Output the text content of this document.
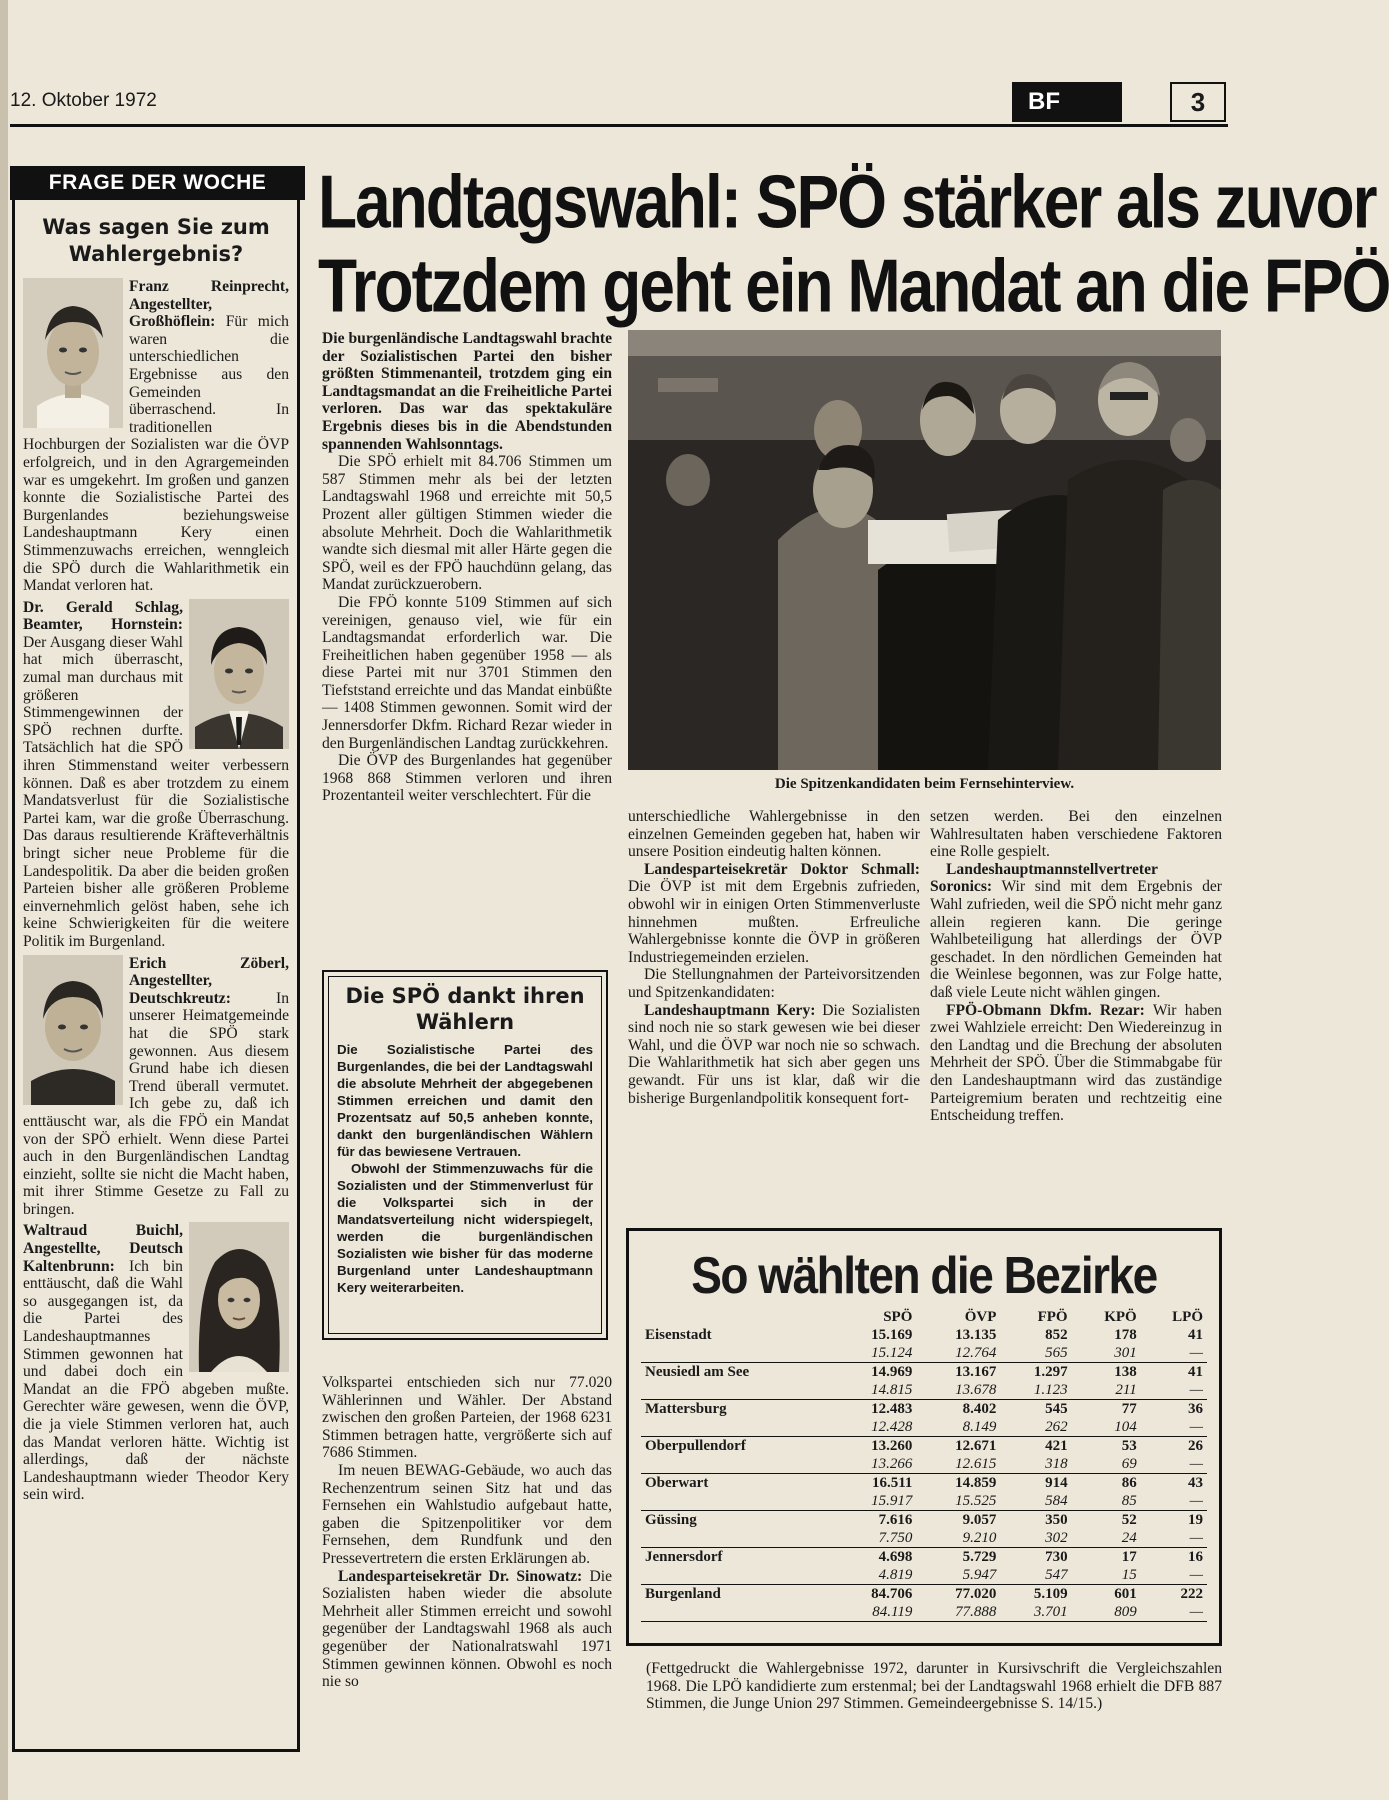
12. Oktober 1972	BF	3
FRAGE DER WOCHE
Was sagen Sie zum Wahlergebnis?
Franz Reinprecht, Angestellter, Großhöflein: Für mich waren die unterschiedlichen Ergebnisse aus den Gemeinden überraschend. In traditionellen Hochburgen der Sozialisten war die ÖVP erfolgreich, und in den Agrargemeinden war es umgekehrt. Im großen und ganzen konnte die Sozialistische Partei des Burgenlandes beziehungsweise Landeshauptmann Kery einen Stimmenzuwachs erreichen, wenngleich die SPÖ durch die Wahlarithmetik ein Mandat verloren hat.
Dr. Gerald Schlag, Beamter, Hornstein: Der Ausgang dieser Wahl hat mich überrascht, zumal man durchaus mit größeren Stimmengewinnen der SPÖ rechnen durfte. Tatsächlich hat die SPÖ ihren Stimmenstand weiter verbessern können. Daß es aber trotzdem zu einem Mandatsverlust für die Sozialistische Partei kam, war die große Überraschung. Das daraus resultierende Kräfteverhältnis bringt sicher neue Probleme für die Landespolitik. Da aber die beiden großen Parteien bisher alle größeren Probleme einvernehmlich gelöst haben, sehe ich keine Schwierigkeiten für die weitere Politik im Burgenland.
Erich Zöberl, Angestellter, Deutschkreutz:	In unserer Heimatgemeinde hat die SPÖ stark gewonnen. Aus diesem Grund habe ich diesen Trend überall vermutet. Ich gebe zu, daß ich enttäuscht war, als die FPÖ ein Mandat von der SPÖ erhielt. Wenn diese Partei auch in den Burgenländischen Landtag einzieht, sollte sie nicht die Macht haben, mit ihrer Stimme Gesetze zu Fall zu bringen.
Waltraud Buichl, Angestellte, Deutsch Kaltenbrunn: Ich bin enttäuscht, daß die Wahl so ausgegangen ist, da die Partei des Landeshauptmannes Stimmen gewonnen hat und dabei doch ein Mandat an die FPÖ abgeben mußte. Gerechter wäre gewesen, wenn die ÖVP, die ja viele Stimmen verloren hat, auch das Mandat verloren hätte. Wichtig ist allerdings, daß der nächste Landeshauptmann wieder Theodor Kery sein wird.
Landtagswahl: SPÖ stärker als zuvor
Trotzdem geht ein Mandat an die FPÖ

Die burgenländische Landtagswahl brachte der Sozialistischen Partei den bisher größten Stimmenanteil, trotzdem ging ein Landtagsmandat an die Freiheitliche Partei verloren. Das war das spektakuläre Ergebnis dieses bis in die Abendstunden spannenden Wahlsonntags.

Die SPÖ erhielt mit 84.706 Stimmen um 587 Stimmen mehr als bei der letzten Landtagswahl 1968 und erreichte mit 50,5 Prozent aller gültigen Stimmen wieder die absolute Mehrheit. Doch die Wahlarithmetik wandte sich diesmal mit aller Härte gegen die SPÖ, weil es der FPÖ hauchdünn gelang, das Mandat zurückzuerobern.

Die FPÖ konnte 5109 Stimmen auf sich vereinigen, genauso viel, wie für ein Landtagsmandat erforderlich war. Die Freiheitlichen haben gegenüber 1958 — als diese Partei mit nur 3701 Stimmen den Tiefststand erreichte und das Mandat einbüßte — 1408 Stimmen gewonnen. Somit wird der Jennersdorfer Dkfm. Richard Rezar wieder in den Burgenländischen Landtag zurückkehren.

Die ÖVP des Burgenlandes hat gegenüber 1968 868 Stimmen verloren und ihren Prozentanteil weiter verschlechtert. Für die

Die Spitzenkandidaten beim Fernsehinterview.

unterschiedliche Wahlergebnisse in den einzelnen Gemeinden gegeben hat, haben wir unsere Position eindeutig halten können.

Landesparteisekretär Doktor Schmall: Die ÖVP ist mit dem Ergebnis zufrieden, obwohl wir in einigen Orten Stimmenverluste hinnehmen mußten. Erfreuliche Wahlergebnisse konnte die ÖVP in größeren Industriegemeinden erzielen.

Die Stellungnahmen der Parteivorsitzenden und Spitzenkandidaten:

Landeshauptmann Kery: Die Sozialisten sind noch nie so stark gewesen wie bei dieser Wahl, und die ÖVP war noch nie so schwach. Die Wahlarithmetik hat sich aber gegen uns gewandt. Für uns ist klar, daß wir die bisherige Burgenlandpolitik konsequent fort-

setzen werden. Bei den einzelnen Wahlresultaten haben verschiedene Faktoren eine Rolle gespielt.

Landeshauptmannstellvertreter Soronics: Wir sind mit dem Ergebnis der Wahl zufrieden, weil die SPÖ nicht mehr ganz allein regieren kann. Die geringe Wahlbeteiligung hat allerdings der ÖVP geschadet. In den nördlichen Gemeinden hat die Weinlese begonnen, was zur Folge hatte, daß viele Leute nicht wählen gingen.

FPÖ-Obmann Dkfm. Rezar: Wir haben zwei Wahlziele erreicht: Den Wiedereinzug in den Landtag und die Brechung der absoluten Mehrheit der SPÖ. Über die Stimmabgabe für den Landeshauptmann wird das zuständige Parteigremium beraten und rechtzeitig eine Entscheidung treffen.

Die SPÖ dankt ihren Wählern

Die Sozialistische Partei des Burgenlandes, die bei der Landtagswahl die absolute Mehrheit der abgegebenen Stimmen erreichen und damit den Prozentsatz auf 50,5 anheben konnte, dankt den burgenländischen Wählern für das bewiesene Vertrauen.

Obwohl der Stimmenzuwachs für die Sozialisten und der Stimmenverlust für die Volkspartei sich in der Mandatsverteilung nicht widerspiegelt, werden die burgenländischen Sozialisten wie bisher für das moderne Burgenland unter Landeshauptmann Kery weiterarbeiten.

Volkspartei entschieden sich nur 77.020 Wählerinnen und Wähler. Der Abstand zwischen den großen Parteien, der 1968 6231 Stimmen betragen hatte, vergrößerte sich auf 7686 Stimmen.

Im neuen BEWAG-Gebäude, wo auch das Rechenzentrum seinen Sitz hat und das Fernsehen ein Wahlstudio aufgebaut hatte, gaben die Spitzenpolitiker vor dem Fernsehen, dem Rundfunk und den Pressevertretern die ersten Erklärungen ab.

Landesparteisekretär Dr. Sinowatz: Die Sozialisten haben wieder die absolute Mehrheit aller Stimmen erreicht und sowohl gegenüber der Landtagswahl 1968 als auch gegenüber der Nationalratswahl 1971 Stimmen gewinnen können. Obwohl es noch nie so

So wählten die Bezirke
	SPÖ	ÖVP	FPÖ	KPÖ	LPÖ
Eisenstadt	15.169	13.135	852	178	41
	15.124	12.764	565	301	—
Neusiedl am See	14.969	13.167	1.297	138	41
	14.815	13.678	1.123	211	—
Mattersburg	12.483	8.402	545	77	36
	12.428	8.149	262	104	—
Oberpullendorf	13.260	12.671	421	53	26
	13.266	12.615	318	69	—
Oberwart	16.511	14.859	914	86	43
	15.917	15.525	584	85	—
Güssing	7.616	9.057	350	52	19
	7.750	9.210	302	24	—
Jennersdorf	4.698	5.729	730	17	16
	4.819	5.947	547	15	—
Burgenland	84.706	77.020	5.109	601	222
	84.119	77.888	3.701	809	—

(Fettgedruckt die Wahlergebnisse 1972, darunter in Kursivschrift die Vergleichszahlen 1968. Die LPÖ kandidierte zum erstenmal; bei der Landtagswahl 1968 erhielt die DFB 887 Stimmen, die Junge Union 297 Stimmen. Gemeindeergebnisse S. 14/15.)
